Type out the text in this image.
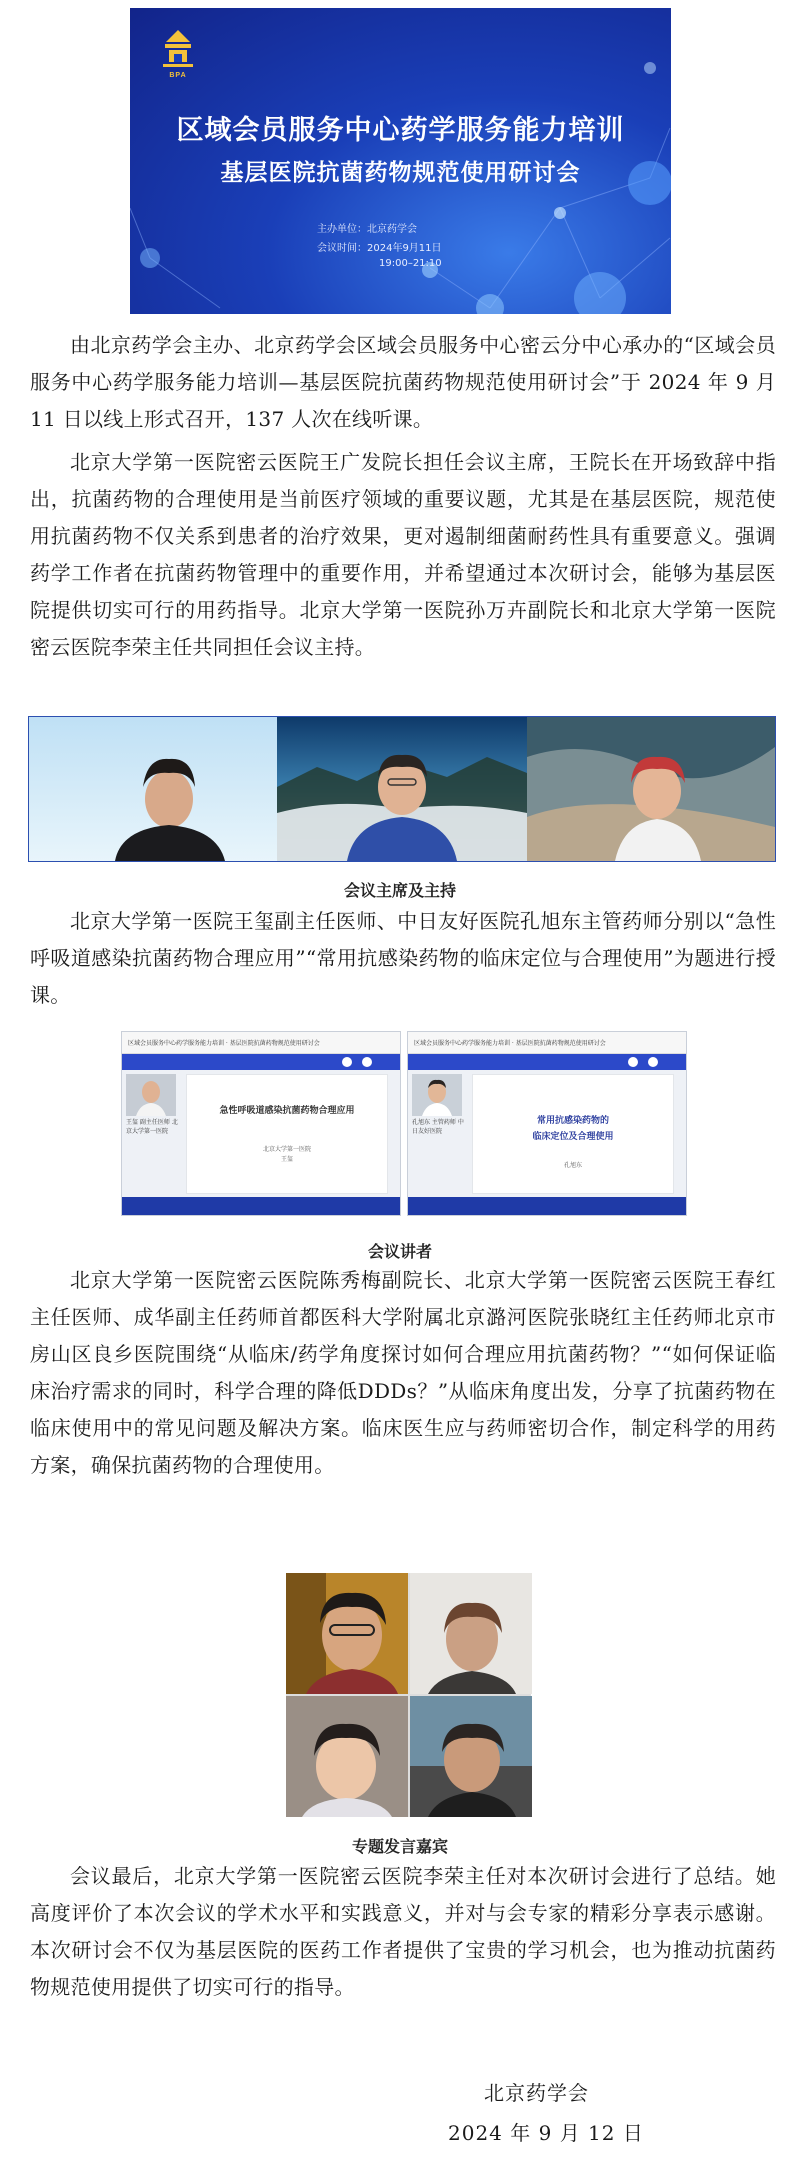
BPA
区域会员服务中心药学服务能力培训
基层医院抗菌药物规范使用研讨会
主办单位：北京药学会
会议时间：2024年9月11日
19:00–21:10

由北京药学会主办、北京药学会区域会员服务中心密云分中心承办的“区域会员服务中心药学服务能力培训—基层医院抗菌药物规范使用研讨会”于 2024 年 9 月 11 日以线上形式召开，137 人次在线听课。

北京大学第一医院密云医院王广发院长担任会议主席，王院长在开场致辞中指出，抗菌药物的合理使用是当前医疗领域的重要议题，尤其是在基层医院，规范使用抗菌药物不仅关系到患者的治疗效果，更对遏制细菌耐药性具有重要意义。强调药学工作者在抗菌药物管理中的重要作用，并希望通过本次研讨会，能够为基层医院提供切实可行的用药指导。北京大学第一医院孙万卉副院长和北京大学第一医院密云医院李荣主任共同担任会议主持。

会议主席及主持

北京大学第一医院王玺副主任医师、中日友好医院孔旭东主管药师分别以“急性呼吸道感染抗菌药物合理应用”“常用抗感染药物的临床定位与合理使用”为题进行授课。

区域会员服务中心药学服务能力培训 · 基层医院抗菌药物规范使用研讨会
王玺 副主任医师 北京大学第一医院
急性呼吸道感染抗菌药物合理应用
北京大学第一医院
王玺
区域会员服务中心药学服务能力培训 · 基层医院抗菌药物规范使用研讨会
孔旭东 主管药师 中日友好医院
常用抗感染药物的
临床定位及合理使用
孔旭东
会议讲者

北京大学第一医院密云医院陈秀梅副院长、北京大学第一医院密云医院王春红主任医师、成华副主任药师首都医科大学附属北京潞河医院张晓红主任药师北京市房山区良乡医院围绕“从临床/药学角度探讨如何合理应用抗菌药物？”“如何保证临床治疗需求的同时，科学合理的降低DDDs？”从临床角度出发，分享了抗菌药物在临床使用中的常见问题及解决方案。临床医生应与药师密切合作，制定科学的用药方案，确保抗菌药物的合理使用。

专题发言嘉宾

会议最后，北京大学第一医院密云医院李荣主任对本次研讨会进行了总结。她高度评价了本次会议的学术水平和实践意义，并对与会专家的精彩分享表示感谢。本次研讨会不仅为基层医院的医药工作者提供了宝贵的学习机会，也为推动抗菌药物规范使用提供了切实可行的指导。

北京药学会
2024 年 9 月 12 日
